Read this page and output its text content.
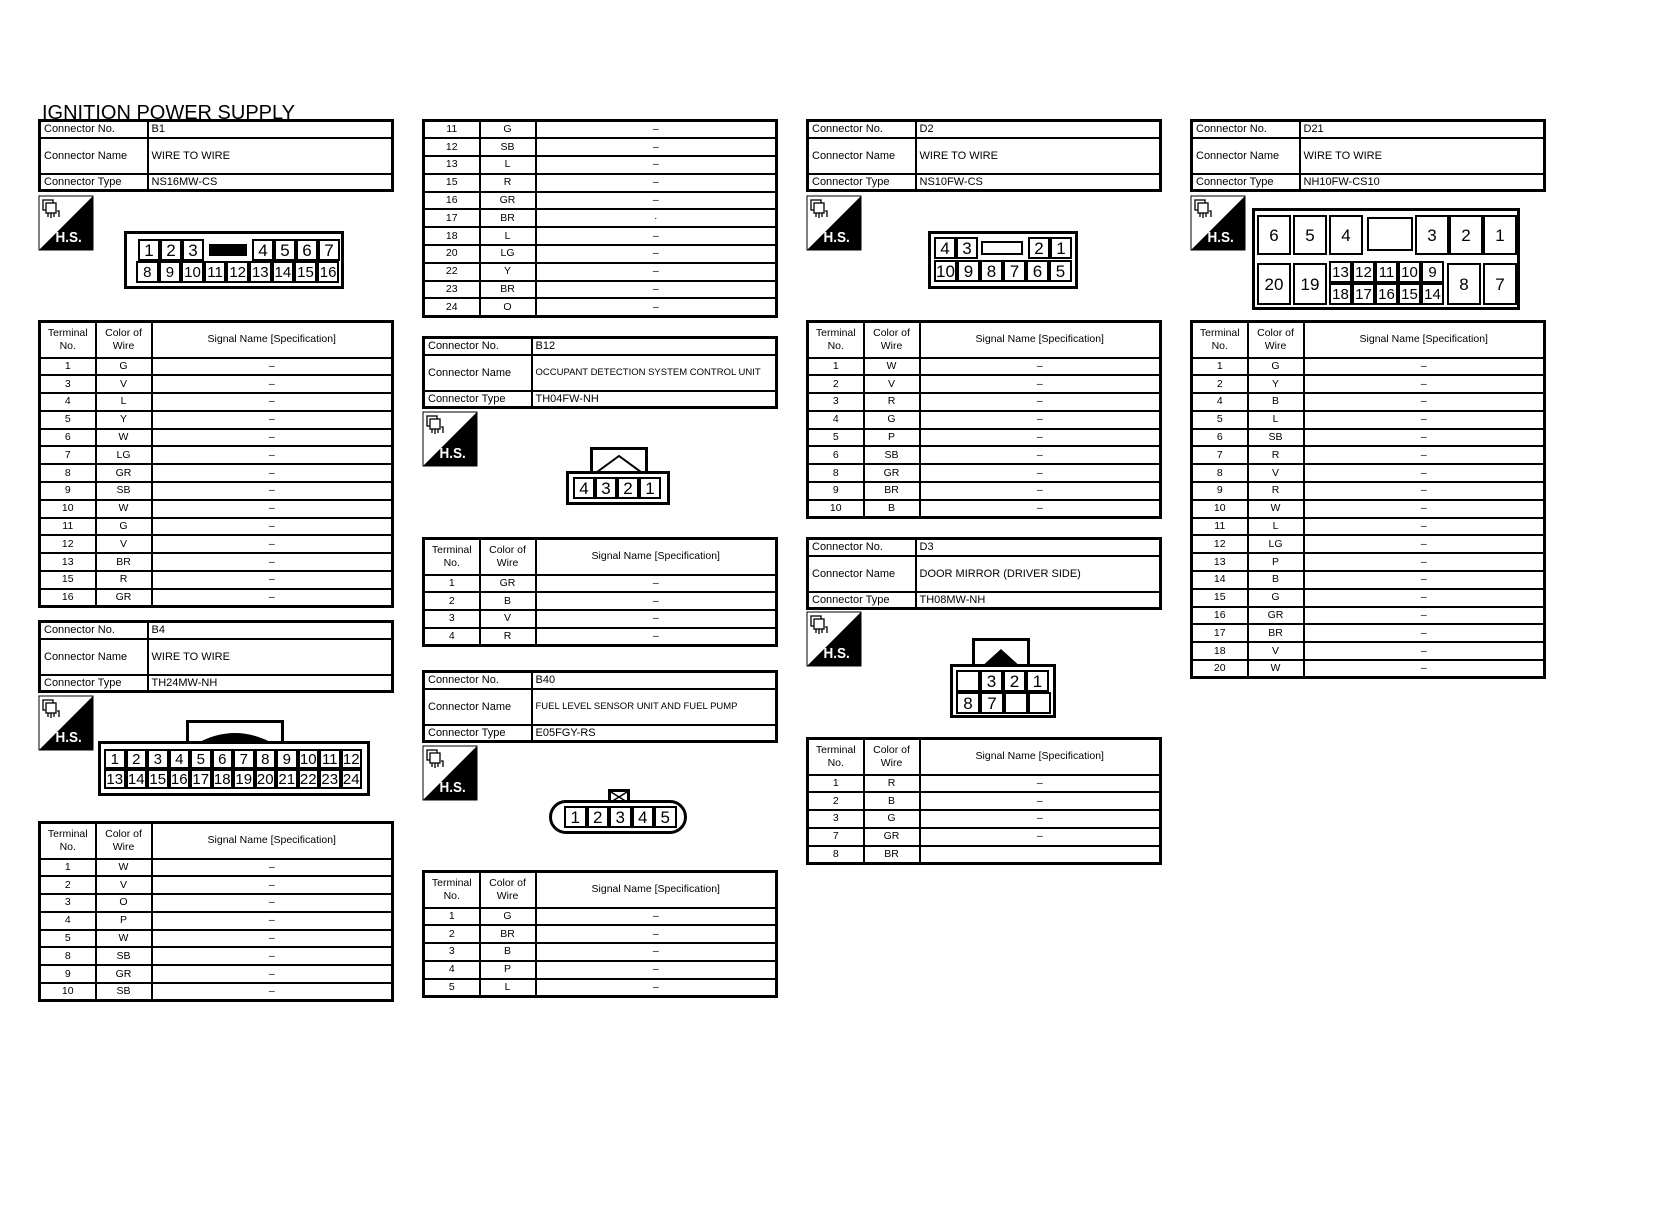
IGNITION POWER SUPPLY
Connector No.	B1
Connector Name	WIRE TO WIRE
Connector Type	NS16MW-CS
H.S.
1 2 3	4 5 6 7
8 9 10 11 12 13 14 15 16
Terminal No.	Color of Wire	Signal Name [Specification]
1	G	–
3	V	–
4	L	–
5	Y	–
6	W	–
7	LG	–
8	GR	–
9	SB	–
10	W	–
11	G	–
12	V	–
13	BR	–
15	R	–
16	GR	–
Connector No.	B4
Connector Name	WIRE TO WIRE
Connector Type	TH24MW-NH
H.S.
1 2 3 4 5 6 7 8 9 10 11 12
13 14 15 16 17 18 19 20 21 22 23 24
Terminal No.	Color of Wire	Signal Name [Specification]
1	W	–
2	V	–
3	O	–
4	P	–
5	W	–
8	SB	–
9	GR	–
10	SB	–
11	G	–
12	SB	–
13	L	–
15	R	–
16	GR	–
17	BR	·
18	L	–
20	LG	–
22	Y	–
23	BR	–
24	O	–
Connector No.	B12
Connector Name	OCCUPANT DETECTION SYSTEM CONTROL UNIT
Connector Type	TH04FW-NH
H.S.
4 3 2 1
Terminal No.	Color of Wire	Signal Name [Specification]
1	GR	–
2	B	–
3	V	–
4	R	–
Connector No.	B40
Connector Name	FUEL LEVEL SENSOR UNIT AND FUEL PUMP
Connector Type	E05FGY-RS
H.S.
1 2 3 4 5
Terminal No.	Color of Wire	Signal Name [Specification]
1	G	–
2	BR	–
3	B	–
4	P	–
5	L	–
Connector No.	D2
Connector Name	WIRE TO WIRE
Connector Type	NS10FW-CS
H.S.
4 3	2 1
10 9 8 7 6 5
Terminal No.	Color of Wire	Signal Name [Specification]
1	W	–
2	V	–
3	R	–
4	G	–
5	P	–
6	SB	–
8	GR	–
9	BR	–
10	B	–
Connector No.	D3
Connector Name	DOOR MIRROR (DRIVER SIDE)
Connector Type	TH08MW-NH
H.S.
3 2 1
8 7
Terminal No.	Color of Wire	Signal Name [Specification]
1	R	–
2	B	–
3	G	–
7	GR	–
8	BR	
Connector No.	D21
Connector Name	WIRE TO WIRE
Connector Type	NH10FW-CS10
H.S.	6	5	4	3	2	1
20	19
13 12 11 10 9
18 17 16 15 14
8	7
Terminal No.	Color of Wire	Signal Name [Specification]
1	G	–
2	Y	–
4	B	–
5	L	–
6	SB	–
7	R	–
8	V	–
9	R	–
10	W	–
11	L	–
12	LG	–
13	P	–
14	B	–
15	G	–
16	GR	–
17	BR	–
18	V	–
20	W	–
